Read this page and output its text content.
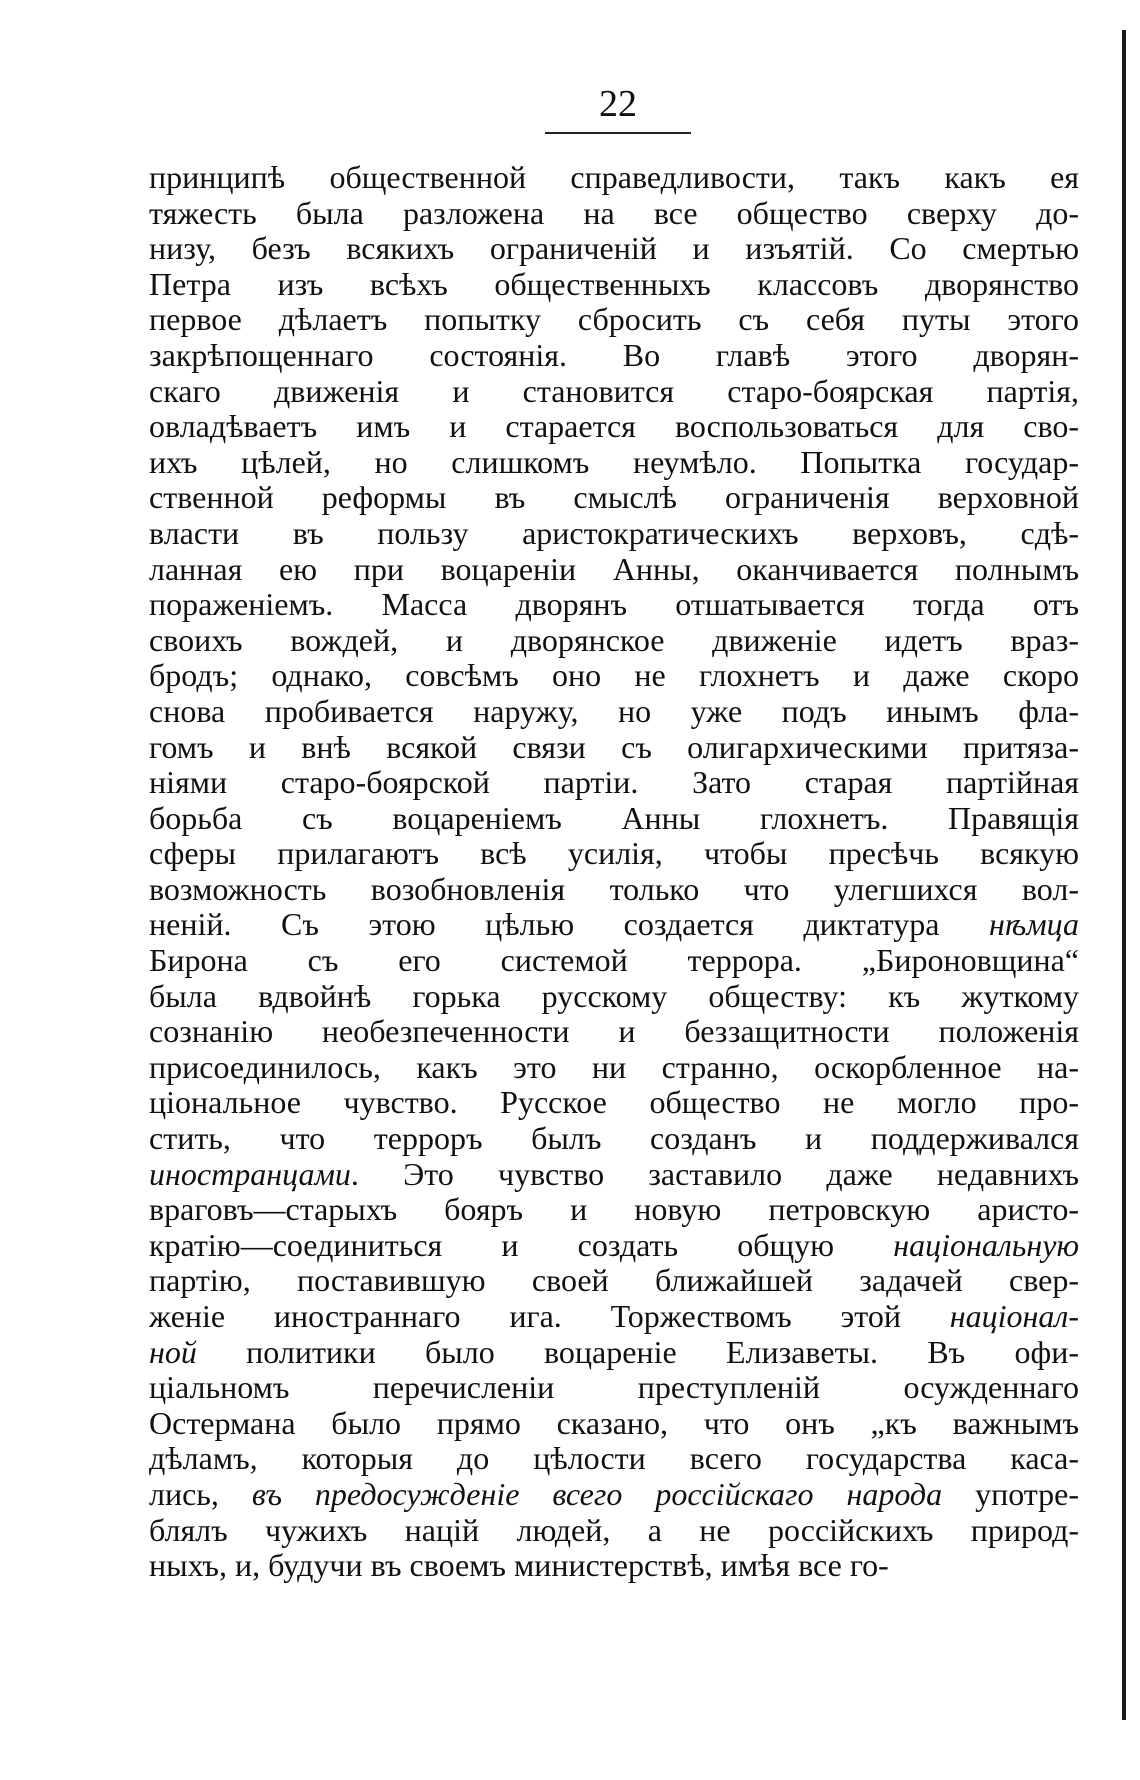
22
принципѣ общественной справедливости, такъ какъ ея
тяжесть была разложена на все общество сверху до-
низу, безъ всякихъ ограниченій и изъятій. Со смертью
Петра изъ всѣхъ общественныхъ классовъ дворянство
первое дѣлаетъ попытку сбросить съ себя путы этого
закрѣпощеннаго состоянія. Во главѣ этого дворян-
скаго движенія и становится старо-боярская партія,
овладѣваетъ имъ и старается воспользоваться для сво-
ихъ цѣлей, но слишкомъ неумѣло. Попытка государ-
ственной реформы въ смыслѣ ограниченія верховной
власти въ пользу аристократическихъ верховъ, сдѣ-
ланная ею при воцареніи Анны, оканчивается полнымъ
пораженіемъ. Масса дворянъ отшатывается тогда отъ
своихъ вождей, и дворянское движеніе идетъ враз-
бродъ; однако, совсѣмъ оно не глохнетъ и даже скоро
снова пробивается наружу, но уже подъ инымъ фла-
гомъ и внѣ всякой связи съ олигархическими притяза-
ніями старо-боярской партіи. Зато старая партійная
борьба съ воцареніемъ Анны глохнетъ. Правящія
сферы прилагаютъ всѣ усилія, чтобы пресѣчь всякую
возможность возобновленія только что улегшихся вол-
неній. Съ этою цѣлью создается диктатура нѣмца
Бирона съ его системой террора. „Бироновщина“
была вдвойнѣ горька русскому обществу: къ жуткому
сознанію необезпеченности и беззащитности положенія
присоединилось, какъ это ни странно, оскорбленное на-
ціональное чувство. Русское общество не могло про-
стить, что терроръ былъ созданъ и поддерживался
иностранцами. Это чувство заставило даже недавнихъ
враговъ—старыхъ бояръ и новую петровскую аристо-
кратію—соединиться и создать общую національную
партію, поставившую своей ближайшей задачей свер-
женіе иностраннаго ига. Торжествомъ этой націонал-
ной политики было воцареніе Елизаветы. Въ офи-
ціальномъ перечисленіи преступленій осужденнаго
Остермана было прямо сказано, что онъ „къ важнымъ
дѣламъ, которыя до цѣлости всего государства каса-
лись, въ предосужденіе всего россійскаго народа употре-
блялъ чужихъ націй людей, а не россійскихъ природ-
ныхъ, и, будучи въ своемъ министерствѣ, имѣя все го-
